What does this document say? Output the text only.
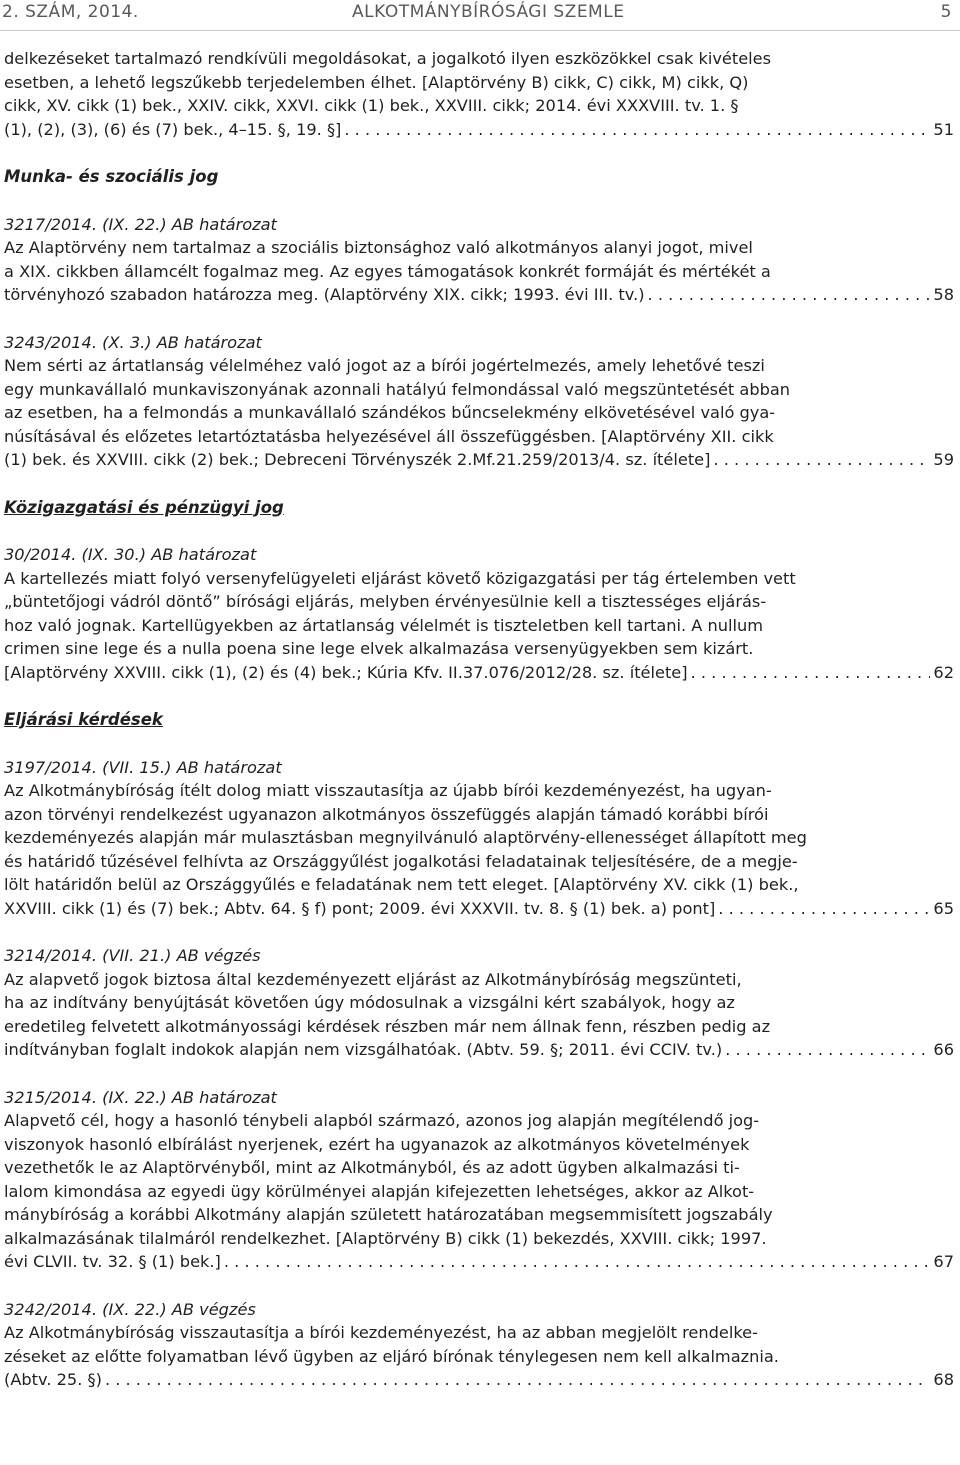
2. SZÁM, 2014.	ALKOTMÁNYBÍRÓSÁGI SZEMLE	5

delkezéseket tartalmazó rendkívüli megoldásokat, a jogalkotó ilyen eszközökkel csak kivételes

esetben, a lehető legszűkebb terjedelemben élhet. [Alaptörvény B) cikk, C) cikk, M) cikk, Q)

cikk, XV. cikk (1) bek., XXIV. cikk, XXVI. cikk (1) bek., XXVIII. cikk; 2014. évi XXXVIII. tv. 1. §

(1), (2), (3), (6) és (7) bek., 4–15. §, 19. §] . . .	51
Munka- és szociális jog

3217/2014. (IX. 22.) AB határozat

Az Alaptörvény nem tartalmaz a szociális biztonsághoz való alkotmányos alanyi jogot, mivel

a XIX. cikkben államcélt fogalmaz meg. Az egyes támogatások konkrét formáját és mértékét a

törvényhozó szabadon határozza meg. (Alaptörvény XIX. cikk; 1993. évi III. tv.) . . .	58

3243/2014. (X. 3.) AB határozat

Nem sérti az ártatlanság vélelméhez való jogot az a bírói jogértelmezés, amely lehetővé teszi

egy munkavállaló munkaviszonyának azonnali hatályú felmondással való megszüntetését abban

az esetben, ha a felmondás a munkavállaló szándékos bűncselekmény elkövetésével való gya-

núsításával és előzetes letartóztatásba helyezésével áll összefüggésben. [Alaptörvény XII. cikk

(1) bek. és XXVIII. cikk (2) bek.; Debreceni Törvényszék 2.Mf.21.259/2013/4. sz. ítélete] . . .	59
Közigazgatási és pénzügyi jog

30/2014. (IX. 30.) AB határozat

A kartellezés miatt folyó versenyfelügyeleti eljárást követő közigazgatási per tág értelemben vett

„büntetőjogi vádról döntő” bírósági eljárás, melyben érvényesülnie kell a tisztességes eljárás-

hoz való jognak. Kartellügyekben az ártatlanság vélelmét is tiszteletben kell tartani. A nullum

crimen sine lege és a nulla poena sine lege elvek alkalmazása versenyügyekben sem kizárt.

[Alaptörvény XXVIII. cikk (1), (2) és (4) bek.; Kúria Kfv. II.37.076/2012/28. sz. ítélete] . . .	62
Eljárási kérdések

3197/2014. (VII. 15.) AB határozat

Az Alkotmánybíróság ítélt dolog miatt visszautasítja az újabb bírói kezdeményezést, ha ugyan-

azon törvényi rendelkezést ugyanazon alkotmányos összefüggés alapján támadó korábbi bírói

kezdeményezés alapján már mulasztásban megnyilvánuló alaptörvény-ellenességet állapított meg

és határidő tűzésével felhívta az Országgyűlést jogalkotási feladatainak teljesítésére, de a megje-

lölt határidőn belül az Országgyűlés e feladatának nem tett eleget. [Alaptörvény XV. cikk (1) bek.,

XXVIII. cikk (1) és (7) bek.; Abtv. 64. § f) pont; 2009. évi XXXVII. tv. 8. § (1) bek. a) pont] . . .	65

3214/2014. (VII. 21.) AB végzés

Az alapvető jogok biztosa által kezdeményezett eljárást az Alkotmánybíróság megszünteti,

ha az indítvány benyújtását követően úgy módosulnak a vizsgálni kért szabályok, hogy az

eredetileg felvetett alkotmányossági kérdések részben már nem állnak fenn, részben pedig az

indítványban foglalt indokok alapján nem vizsgálhatóak. (Abtv. 59. §; 2011. évi CCIV. tv.) . . .	66

3215/2014. (IX. 22.) AB határozat

Alapvető cél, hogy a hasonló ténybeli alapból származó, azonos jog alapján megítélendő jog-

viszonyok hasonló elbírálást nyerjenek, ezért ha ugyanazok az alkotmányos követelmények

vezethetők le az Alaptörvényből, mint az Alkotmányból, és az adott ügyben alkalmazási ti-

lalom kimondása az egyedi ügy körülményei alapján kifejezetten lehetséges, akkor az Alkot-

mánybíróság a korábbi Alkotmány alapján született határozatában megsemmisített jogszabály

alkalmazásának tilalmáról rendelkezhet. [Alaptörvény B) cikk (1) bekezdés, XXVIII. cikk; 1997.

évi CLVII. tv. 32. § (1) bek.] . . .	67

3242/2014. (IX. 22.) AB végzés

Az Alkotmánybíróság visszautasítja a bírói kezdeményezést, ha az abban megjelölt rendelke-

zéseket az előtte folyamatban lévő ügyben az eljáró bírónak ténylegesen nem kell alkalmaznia.

(Abtv. 25. §) . . .	68
